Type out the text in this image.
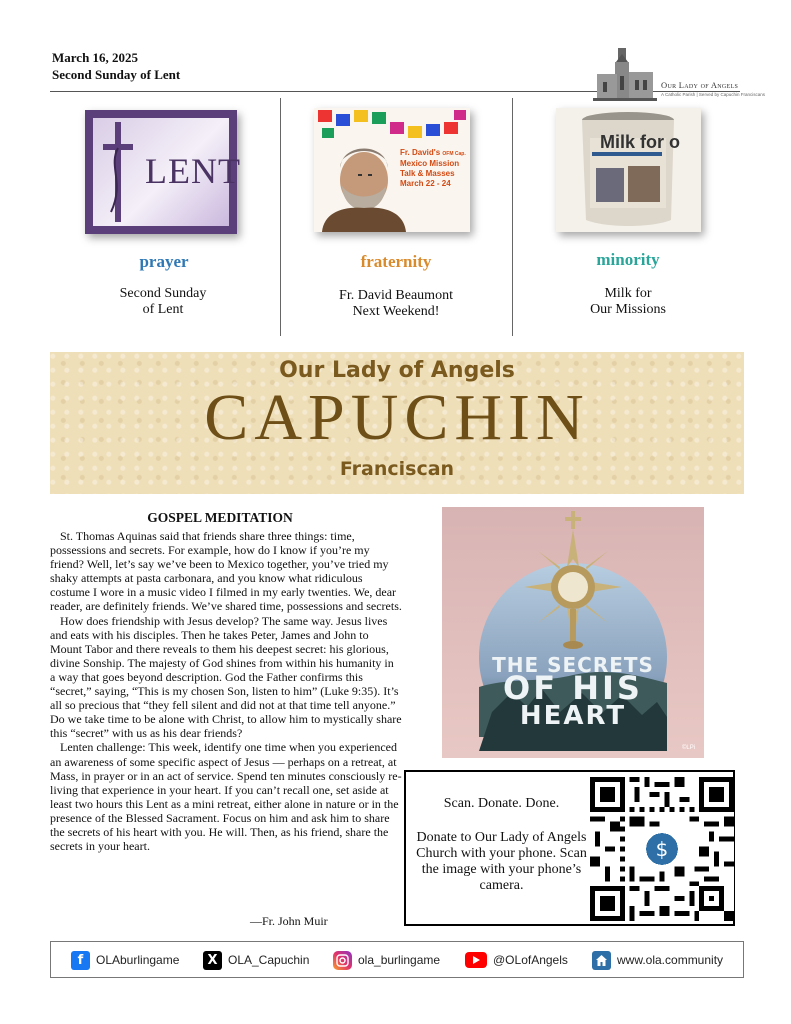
March 16, 2025
Second Sunday of Lent
Our Lady of Angels
A Catholic Parish | Served by Capuchin Franciscans
LENT
prayer
Second Sunday
of Lent
Fr. David's OFM Cap.
Mexico Mission
Talk & Masses
March 22 - 24
fraternity
Fr. David Beaumont
Next Weekend!
Milk for o
minority
Milk for
Our Missions
Our Lady of Angels
CAPUCHIN
Franciscan
GOSPEL MEDITATION

St. Thomas Aquinas said that friends share three things: time, possessions and secrets. For example, how do I know if you’re my friend? Well, let’s say we’ve been to Mexico together, you’ve tried my shaky attempts at pasta carbonara, and you know what ridiculous costume I wore in a music video I filmed in my early twenties. We, dear reader, are definitely friends. We’ve shared time, possessions and secrets.

How does friendship with Jesus develop? The same way. Jesus lives and eats with his disciples. Then he takes Peter, James and John to Mount Tabor and there reveals to them his deepest secret: his glorious, divine Sonship. The majesty of God shines from within his humanity in a way that goes beyond description. God the Father confirms this “secret,” saying, “This is my chosen Son, listen to him” (Luke 9:35). It’s all so precious that “they fell silent and did not at that time tell anyone.” Do we take time to be alone with Christ, to allow him to mystically share this “secret” with us as his dear friends?

Lenten challenge: This week, identify one time when you experienced an awareness of some specific aspect of Jesus — perhaps on a retreat, at Mass, in prayer or in an act of service. Spend ten minutes consciously re-living that experience in your heart. If you can’t recall one, set aside at least two hours this Lent as a mini retreat, either alone in nature or in the presence of the Blessed Sacrament. Focus on him and ask him to share the secrets of his heart with you. He will. Then, as his friend, share the secrets in your heart.

—Fr. John Muir
THE SECRETS
OF HIS
HEART
©LPi
Scan. Donate. Done.
Donate to Our Lady of Angels Church with your phone. Scan the image with your phone’s camera.
$
f	OLAburlingame	X OLA_Capuchin	ola_burlingame	@OLofAngels	www.ola.community
